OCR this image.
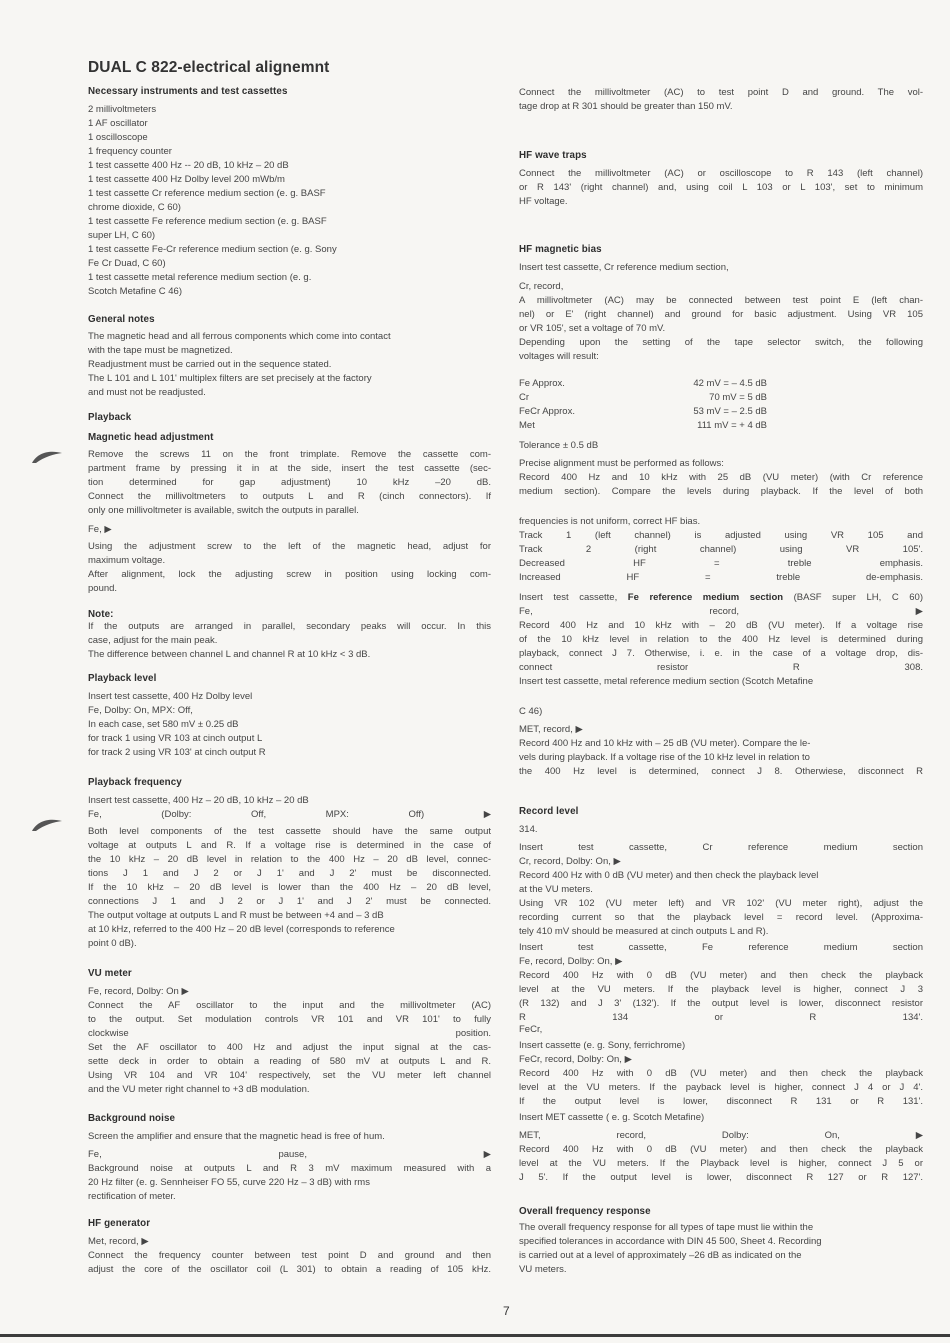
DUAL C 822-electrical alignemnt
Necessary instruments and test cassettes
General notes
Playback
Magnetic head adjustment
Note:
Playback level
Playback frequency
VU meter
Background noise
HF generator
2 millivoltmeters
1 AF oscillator
1 oscilloscope
1 frequency counter
1 test cassette 400 Hz -- 20 dB, 10 kHz – 20 dB
1 test cassette 400 Hz Dolby level 200 mWb/m
1 test cassette Cr reference medium section (e. g. BASF
chrome dioxide, C 60)
1 test cassette Fe reference medium section (e. g. BASF
super LH, C 60)
1 test cassette Fe-Cr reference medium section (e. g. Sony
Fe Cr Duad, C 60)
1 test cassette metal reference medium section (e. g.
Scotch Metafine C 46)
The magnetic head and all ferrous components which come into contact
with the tape must be magnetized.
Readjustment must be carried out in the sequence stated.
The L 101 and L 101' multiplex filters are set precisely at the factory
and must not be readjusted.
Remove the screws 11 on the front trimplate. Remove the cassette com-
partment frame by pressing it in at the side, insert the test cassette (sec-
tion determined for gap adjustment) 10 kHz –20 dB.
Connect the millivoltmeters to outputs L and R (cinch connectors). If
only one millivoltmeter is available, switch the outputs in parallel.
Fe, ▶
Using the adjustment screw to the left of the magnetic head, adjust for
maximum voltage.
After alignment, lock the adjusting screw in position using locking com-
pound.
If the outputs are arranged in parallel, secondary peaks will occur. In this
case, adjust for the main peak.
The difference between channel L and channel R at 10 kHz < 3 dB.
Insert test cassette, 400 Hz Dolby level
Fe, Dolby: On, MPX: Off,
In each case, set 580 mV ± 0.25 dB
for track 1 using VR 103 at cinch output L
for track 2 using VR 103' at cinch output R
Insert test cassette, 400 Hz – 20 dB, 10 kHz – 20 dB
Fe, (Dolby: Off, MPX: Off) ▶
Both level components of the test cassette should have the same output
voltage at outputs L and R. If a voltage rise is determined in the case of
the 10 kHz – 20 dB level in relation to the 400 Hz – 20 dB level, connec-
tions J 1 and J 2 or J 1' and J 2' must be disconnected.
If the 10 kHz – 20 dB level is lower than the 400 Hz – 20 dB level,
connections J 1 and J 2 or J 1' and J 2' must be connected.
The output voltage at outputs L and R must be between +4 and – 3 dB
at 10 kHz, referred to the 400 Hz – 20 dB level (corresponds to reference
point 0 dB).
Fe, record, Dolby: On ▶
Connect the AF oscillator to the input and the millivoltmeter (AC)
to the output. Set modulation controls VR 101 and VR 101' to fully
clockwise position.
Set the AF oscillator to 400 Hz and adjust the input signal at the cas-
sette deck in order to obtain a reading of 580 mV at outputs L and R.
Using VR 104 and VR 104' respectively, set the VU meter left channel
and the VU meter right channel to +3 dB modulation.
Screen the amplifier and ensure that the magnetic head is free of hum.
Fe, pause, ▶
Background noise at outputs L and R 3 mV maximum measured with a
20 Hz filter (e. g. Sennheiser FO 55, curve 220 Hz – 3 dB) with rms
rectification of meter.
Met, record, ▶
Connect the frequency counter between test point D and ground and then
adjust the core of the oscillator coil (L 301) to obtain a reading of 105 kHz.
HF wave traps
HF magnetic bias
Record level
Overall frequency response
Connect the millivoltmeter (AC) to test point D and ground. The vol-
tage drop at R 301 should be greater than 150 mV.
Connect the millivoltmeter (AC) or oscilloscope to R 143 (left channel)
or R 143' (right channel) and, using coil L 103 or L 103', set to minimum
HF voltage.
Insert test cassette, Cr reference medium section,
Cr, record,
A millivoltmeter (AC) may be connected between test point E (left chan-
nel) or E' (right channel) and ground for basic adjustment. Using VR 105
or VR 105', set a voltage of 70 mV.
Depending upon the setting of the tape selector switch, the following
voltages will result:
Tolerance ± 0.5 dB
Precise alignment must be performed as follows:
Record 400 Hz and 10 kHz with 25 dB (VU meter) (with Cr reference
medium section). Compare the levels during playback. If the level of both
frequencies is not uniform, correct HF bias.
Track 1 (left channel) is adjusted using VR 105 and
Track 2 (right channel) using VR 105'.
Decreased HF = treble emphasis.
Increased HF = treble de-emphasis.
Insert test cassette, Fe reference medium section (BASF super LH, C 60)
Fe, record, ▶
Record 400 Hz and 10 kHz with – 20 dB (VU meter). If a voltage rise
of the 10 kHz level in relation to the 400 Hz level is determined during
playback, connect J 7. Otherwise, i. e. in the case of a voltage drop, dis-
connect resistor R 308.
Insert test cassette, metal reference medium section (Scotch Metafine
C 46)
MET, record, ▶
Record 400 Hz and 10 kHz with – 25 dB (VU meter). Compare the le-
vels during playback. If a voltage rise of the 10 kHz level in relation to
the 400 Hz level is determined, connect J 8. Otherwiese, disconnect R
314.
Insert test cassette, Cr reference medium section
Cr, record, Dolby: On, ▶
Record 400 Hz with 0 dB (VU meter) and then check the playback level
at the VU meters.
Using VR 102 (VU meter left) and VR 102' (VU meter right), adjust the
recording current so that the playback level = record level. (Approxima-
tely 410 mV should be measured at cinch outputs L and R).
Insert test cassette, Fe reference medium section
Fe, record, Dolby: On, ▶
Record 400 Hz with 0 dB (VU meter) and then check the playback
level at the VU meters. If the playback level is higher, connect J 3
(R 132) and J 3' (132'). If the output level is lower, disconnect resistor
R 134 or R 134'.
FeCr,
Insert cassette (e. g. Sony, ferrichrome)
FeCr, record, Dolby: On, ▶
Record 400 Hz with 0 dB (VU meter) and then check the playback
level at the VU meters. If the payback level is higher, connect J 4 or J 4'.
If the output level is lower, disconnect R 131 or R 131'.
Insert MET cassette ( e. g. Scotch Metafine)
MET, record, Dolby: On, ▶
Record 400 Hz with 0 dB (VU meter) and then check the playback
level at the VU meters. If the Playback level is higher, connect J 5 or
J 5'. If the output level is lower, disconnect R 127 or R 127'.
The overall frequency response for all types of tape must lie within the
specified tolerances in accordance with DIN 45 500, Sheet 4. Recording
is carried out at a level of approximately –26 dB as indicated on the
VU meters.
Fe Approx.	42 mV = – 4.5 dB
Cr	70 mV = 5 dB
FeCr Approx.	53 mV = – 2.5 dB
Met	111 mV = + 4 dB
7
